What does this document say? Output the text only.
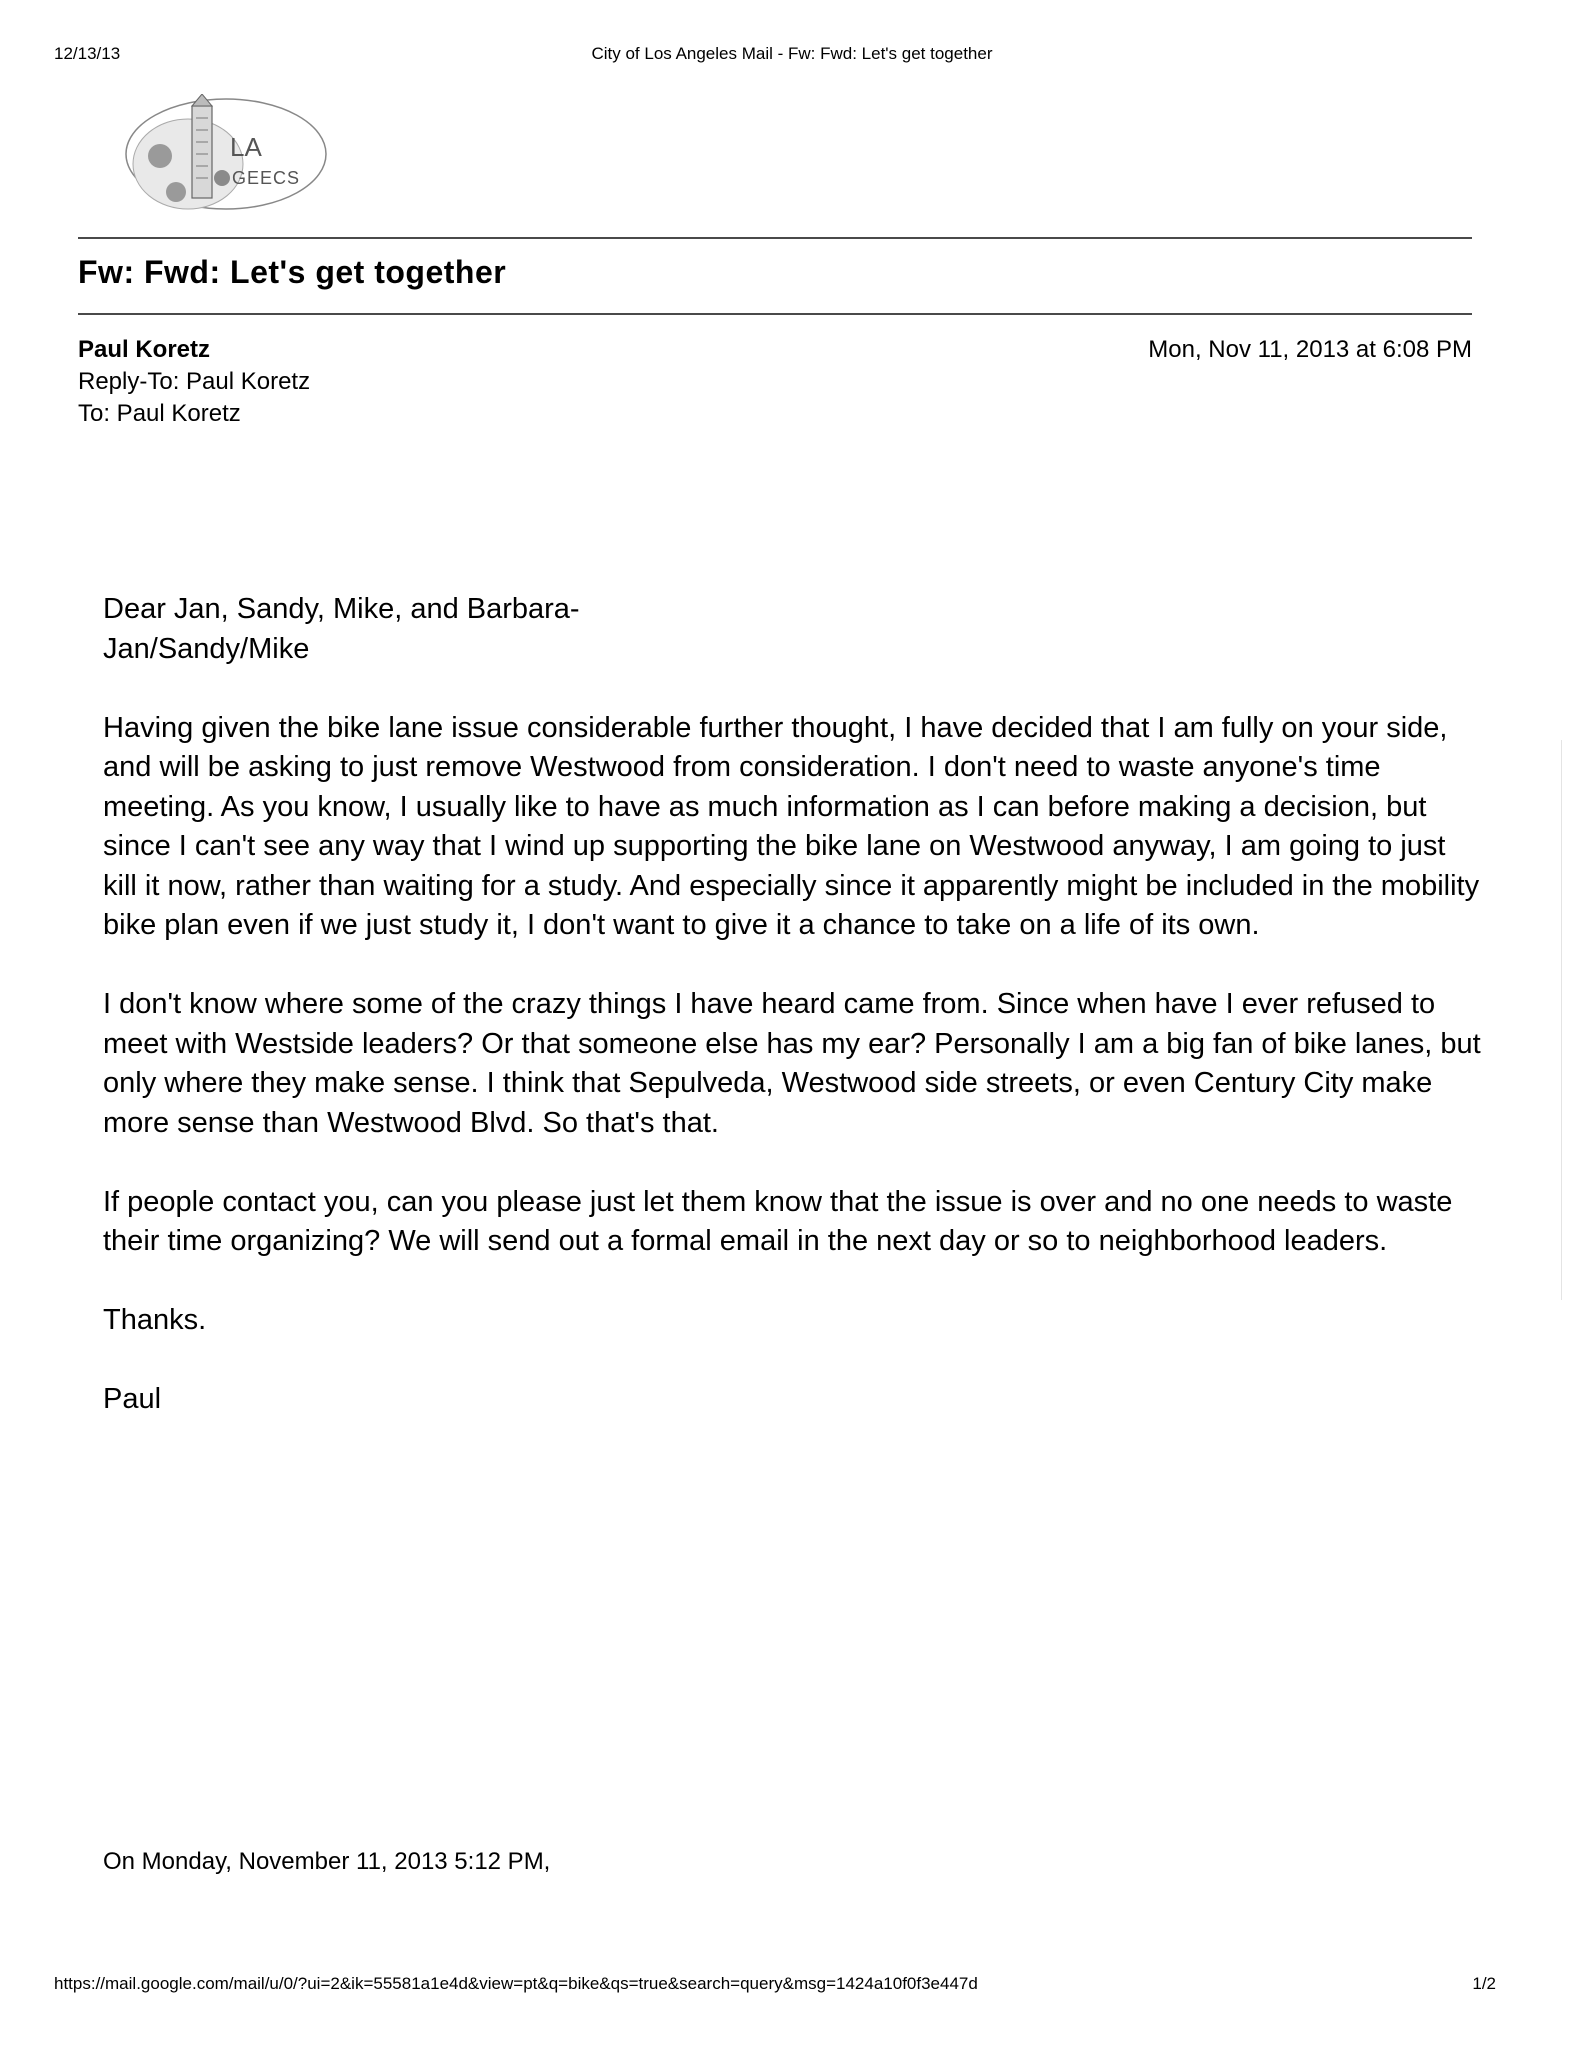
12/13/13	City of Los Angeles Mail - Fw: Fwd: Let's get together
LA
GEECS
Fw: Fwd: Let's get together
Paul Koretz
Reply-To: Paul Koretz
To: Paul Koretz
Mon, Nov 11, 2013 at 6:08 PM

Dear Jan, Sandy, Mike, and Barbara-

Jan/Sandy/Mike

Having given the bike lane issue considerable further thought, I have decided that I am fully on your side, and will be asking to just remove Westwood from consideration. I don't need to waste anyone's time meeting. As you know, I usually like to have as much information as I can before making a decision, but since I can't see any way that I wind up supporting the bike lane on Westwood anyway, I am going to just kill it now, rather than waiting for a study. And especially since it apparently might be included in the mobility bike plan even if we just study it, I don't want to give it a chance to take on a life of its own.

I don't know where some of the crazy things I have heard came from. Since when have I ever refused to meet with Westside leaders? Or that someone else has my ear? Personally I am a big fan of bike lanes, but only where they make sense. I think that Sepulveda, Westwood side streets, or even Century City make more sense than Westwood Blvd. So that's that.

If people contact you, can you please just let them know that the issue is over and no one needs to waste their time organizing? We will send out a formal email in the next day or so to neighborhood leaders.

Thanks.

Paul

On Monday, November 11, 2013 5:12 PM,
https://mail.google.com/mail/u/0/?ui=2&ik=55581a1e4d&view=pt&q=bike&qs=true&search=query&msg=1424a10f0f3e447d	1/2
